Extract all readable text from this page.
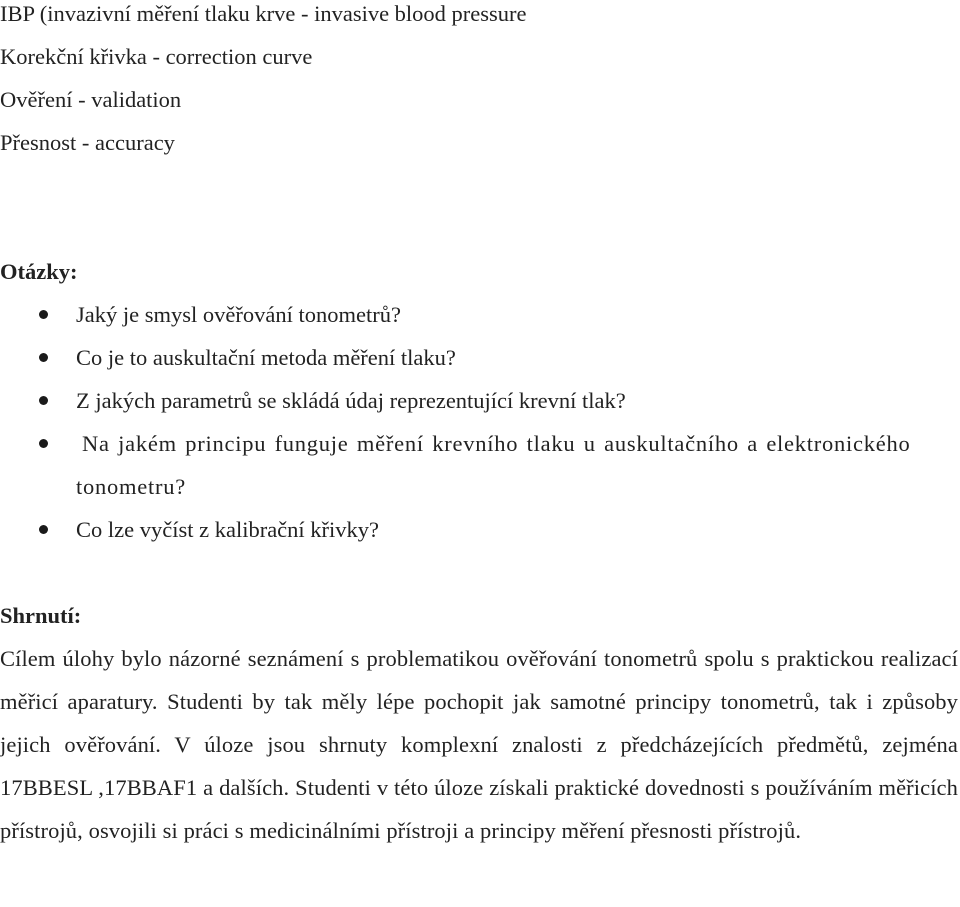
IBP (invazivní měření tlaku krve - invasive blood pressure
Korekční křivka - correction curve
Ověření - validation
Přesnost - accuracy
Otázky:
Jaký je smysl ověřování tonometrů?
Co je to auskultační metoda měření tlaku?
Z jakých parametrů se skládá údaj reprezentující krevní tlak?
Na jakém principu funguje měření krevního tlaku u auskultačního a elektronického
tonometru?
Co lze vyčíst z kalibrační křivky?
Shrnutí:

Cílem úlohy bylo názorné seznámení s problematikou ověřování tonometrů spolu s praktickou realizací měřicí aparatury. Studenti by tak měly lépe pochopit jak samotné principy tonometrů, tak i způsoby jejich ověřování. V úloze jsou shrnuty komplexní znalosti z předcházejících předmětů, zejména 17BBESL ,17BBAF1 a dalších. Studenti v této úloze získali praktické dovednosti s používáním měřicích přístrojů, osvojili si práci s medicinálními přístroji a principy měření přesnosti přístrojů.
